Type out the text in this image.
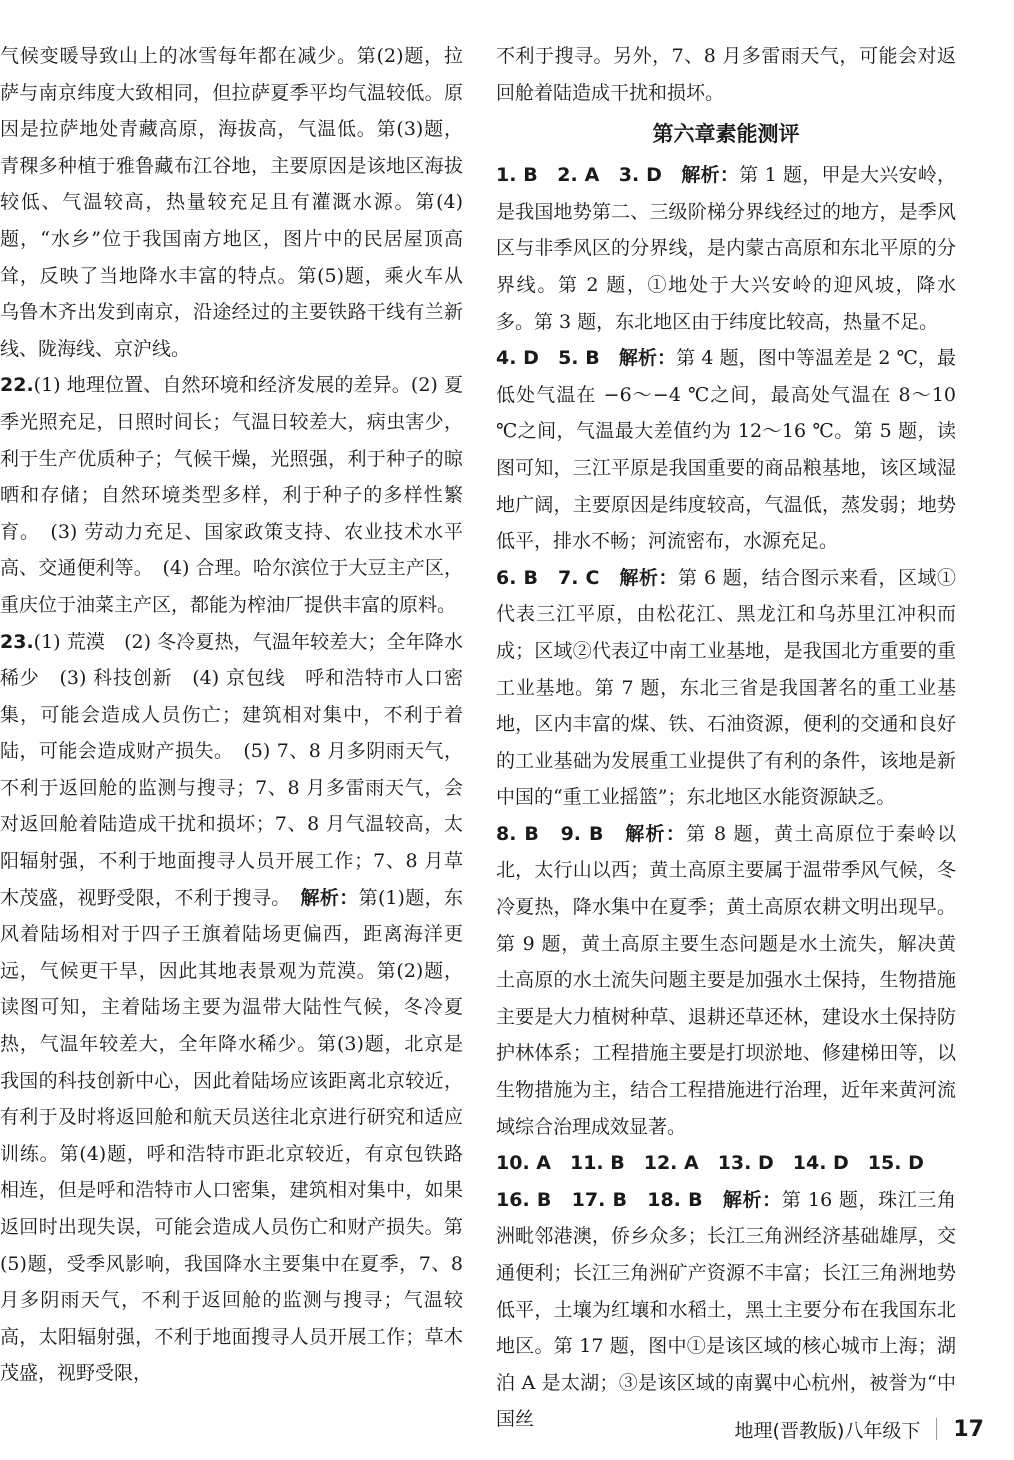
气候变暖导致山上的冰雪每年都在减少。第(2)题，拉萨与南京纬度大致相同，但拉萨夏季平均气温较低。原因是拉萨地处青藏高原，海拔高，气温低。第(3)题，青稞多种植于雅鲁藏布江谷地，主要原因是该地区海拔较低、气温较高，热量较充足且有灌溉水源。第(4)题，“水乡”位于我国南方地区，图片中的民居屋顶高耸，反映了当地降水丰富的特点。第(5)题，乘火车从乌鲁木齐出发到南京，沿途经过的主要铁路干线有兰新线、陇海线、京沪线。

22.(1) 地理位置、自然环境和经济发展的差异。(2) 夏季光照充足，日照时间长；气温日较差大，病虫害少，利于生产优质种子；气候干燥，光照强，利于种子的晾晒和存储；自然环境类型多样，利于种子的多样性繁育。　(3) 劳动力充足、国家政策支持、农业技术水平高、交通便利等。　(4) 合理。哈尔滨位于大豆主产区，重庆位于油菜主产区，都能为榨油厂提供丰富的原料。

23.(1) 荒漠　(2) 冬冷夏热，气温年较差大；全年降水稀少　(3) 科技创新　(4) 京包线　呼和浩特市人口密集，可能会造成人员伤亡；建筑相对集中，不利于着陆，可能会造成财产损失。　(5) 7、8 月多阴雨天气，不利于返回舱的监测与搜寻；7、8 月多雷雨天气，会对返回舱着陆造成干扰和损坏；7、8 月气温较高，太阳辐射强，不利于地面搜寻人员开展工作；7、8 月草木茂盛，视野受限，不利于搜寻。　解析：第(1)题，东风着陆场相对于四子王旗着陆场更偏西，距离海洋更远，气候更干旱，因此其地表景观为荒漠。第(2)题，读图可知，主着陆场主要为温带大陆性气候，冬冷夏热，气温年较差大，全年降水稀少。第(3)题，北京是我国的科技创新中心，因此着陆场应该距离北京较近，有利于及时将返回舱和航天员送往北京进行研究和适应训练。第(4)题，呼和浩特市距北京较近，有京包铁路相连，但是呼和浩特市人口密集，建筑相对集中，如果返回时出现失误，可能会造成人员伤亡和财产损失。第(5)题，受季风影响，我国降水主要集中在夏季，7、8 月多阴雨天气，不利于返回舱的监测与搜寻；气温较高，太阳辐射强，不利于地面搜寻人员开展工作；草木茂盛，视野受限，

不利于搜寻。另外，7、8 月多雷雨天气，可能会对返回舱着陆造成干扰和损坏。

第六章素能测评

1. B　2. A　3. D　解析：第 1 题，甲是大兴安岭，是我国地势第二、三级阶梯分界线经过的地方，是季风区与非季风区的分界线，是内蒙古高原和东北平原的分界线。第 2 题，①地处于大兴安岭的迎风坡，降水多。第 3 题，东北地区由于纬度比较高，热量不足。

4. D　5. B　解析：第 4 题，图中等温差是 2 ℃，最低处气温在 −6～−4 ℃之间，最高处气温在 8～10 ℃之间，气温最大差值约为 12～16 ℃。第 5 题，读图可知，三江平原是我国重要的商品粮基地，该区域湿地广阔，主要原因是纬度较高，气温低，蒸发弱；地势低平，排水不畅；河流密布，水源充足。

6. B　7. C　解析：第 6 题，结合图示来看，区域①代表三江平原，由松花江、黑龙江和乌苏里江冲积而成；区域②代表辽中南工业基地，是我国北方重要的重工业基地。第 7 题，东北三省是我国著名的重工业基地，区内丰富的煤、铁、石油资源，便利的交通和良好的工业基础为发展重工业提供了有利的条件，该地是新中国的“重工业摇篮”；东北地区水能资源缺乏。

8. B　9. B　解析：第 8 题，黄土高原位于秦岭以北，太行山以西；黄土高原主要属于温带季风气候，冬冷夏热，降水集中在夏季；黄土高原农耕文明出现早。第 9 题，黄土高原主要生态问题是水土流失，解决黄土高原的水土流失问题主要是加强水土保持，生物措施主要是大力植树种草、退耕还草还林，建设水土保持防护林体系；工程措施主要是打坝淤地、修建梯田等，以生物措施为主，结合工程措施进行治理，近年来黄河流域综合治理成效显著。

10. A　11. B　12. A　13. D　14. D　15. D

16. B　17. B　18. B　解析：第 16 题，珠江三角洲毗邻港澳，侨乡众多；长江三角洲经济基础雄厚，交通便利；长江三角洲矿产资源不丰富；长江三角洲地势低平，土壤为红壤和水稻土，黑土主要分布在我国东北地区。第 17 题，图中①是该区域的核心城市上海；湖泊 A 是太湖；③是该区域的南翼中心杭州，被誉为“中国丝

地理(晋教版)八年级下 17
